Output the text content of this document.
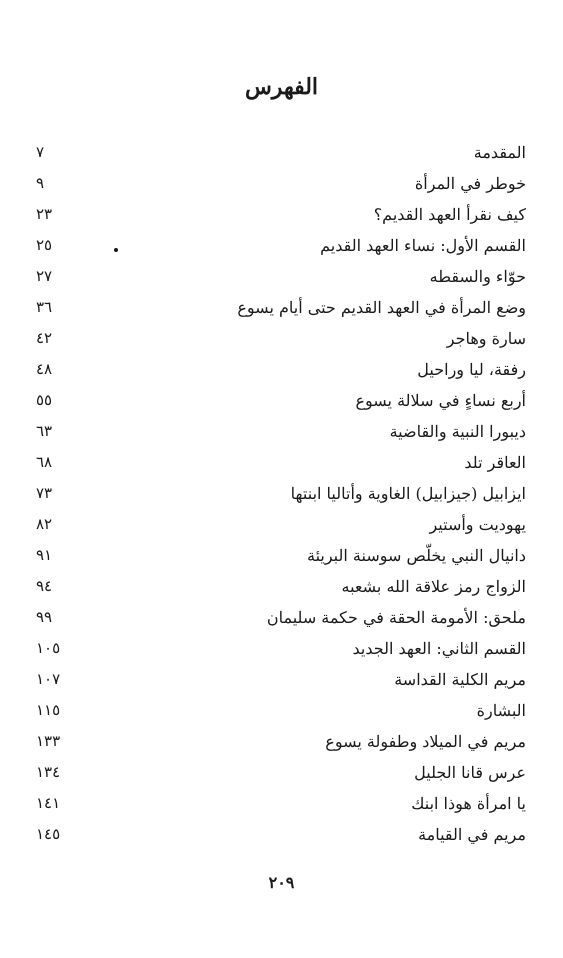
الفهرس
المقدمة
٧
خوطر في المرأة
٩
كيف نقرأ العهد القديم؟
٢٣
القسم الأول: نساء العهد القديم
٢٥
حوّاء والسقطه
٢٧
وضع المرأة في العهد القديم حتى أيام يسوع
٣٦
سارة وهاجر
٤٢
رفقة، ليا وراحيل
٤٨
أربع نساءٍ في سلالة يسوع
٥٥
ديبورا النبية والقاضية
٦٣
العاقر تلد
٦٨
ايزابيل (جيزابيل) الغاوية وأتاليا ابنتها
٧٣
يهوديت وأستير
٨٢
دانيال النبي يخلّص سوسنة البريئة
٩١
الزواج رمز علاقة الله بشعبه
٩٤
ملحق: الأمومة الحقة في حكمة سليمان
٩٩
القسم الثاني: العهد الجديد
١٠٥
مريم الكلية القداسة
١٠٧
البشارة
١١٥
مريم في الميلاد وطفولة يسوع
١٣٣
عرس قانا الجليل
١٣٤
يا امرأة هوذا ابنك
١٤١
مريم في القيامة
١٤٥
٢٠٩
